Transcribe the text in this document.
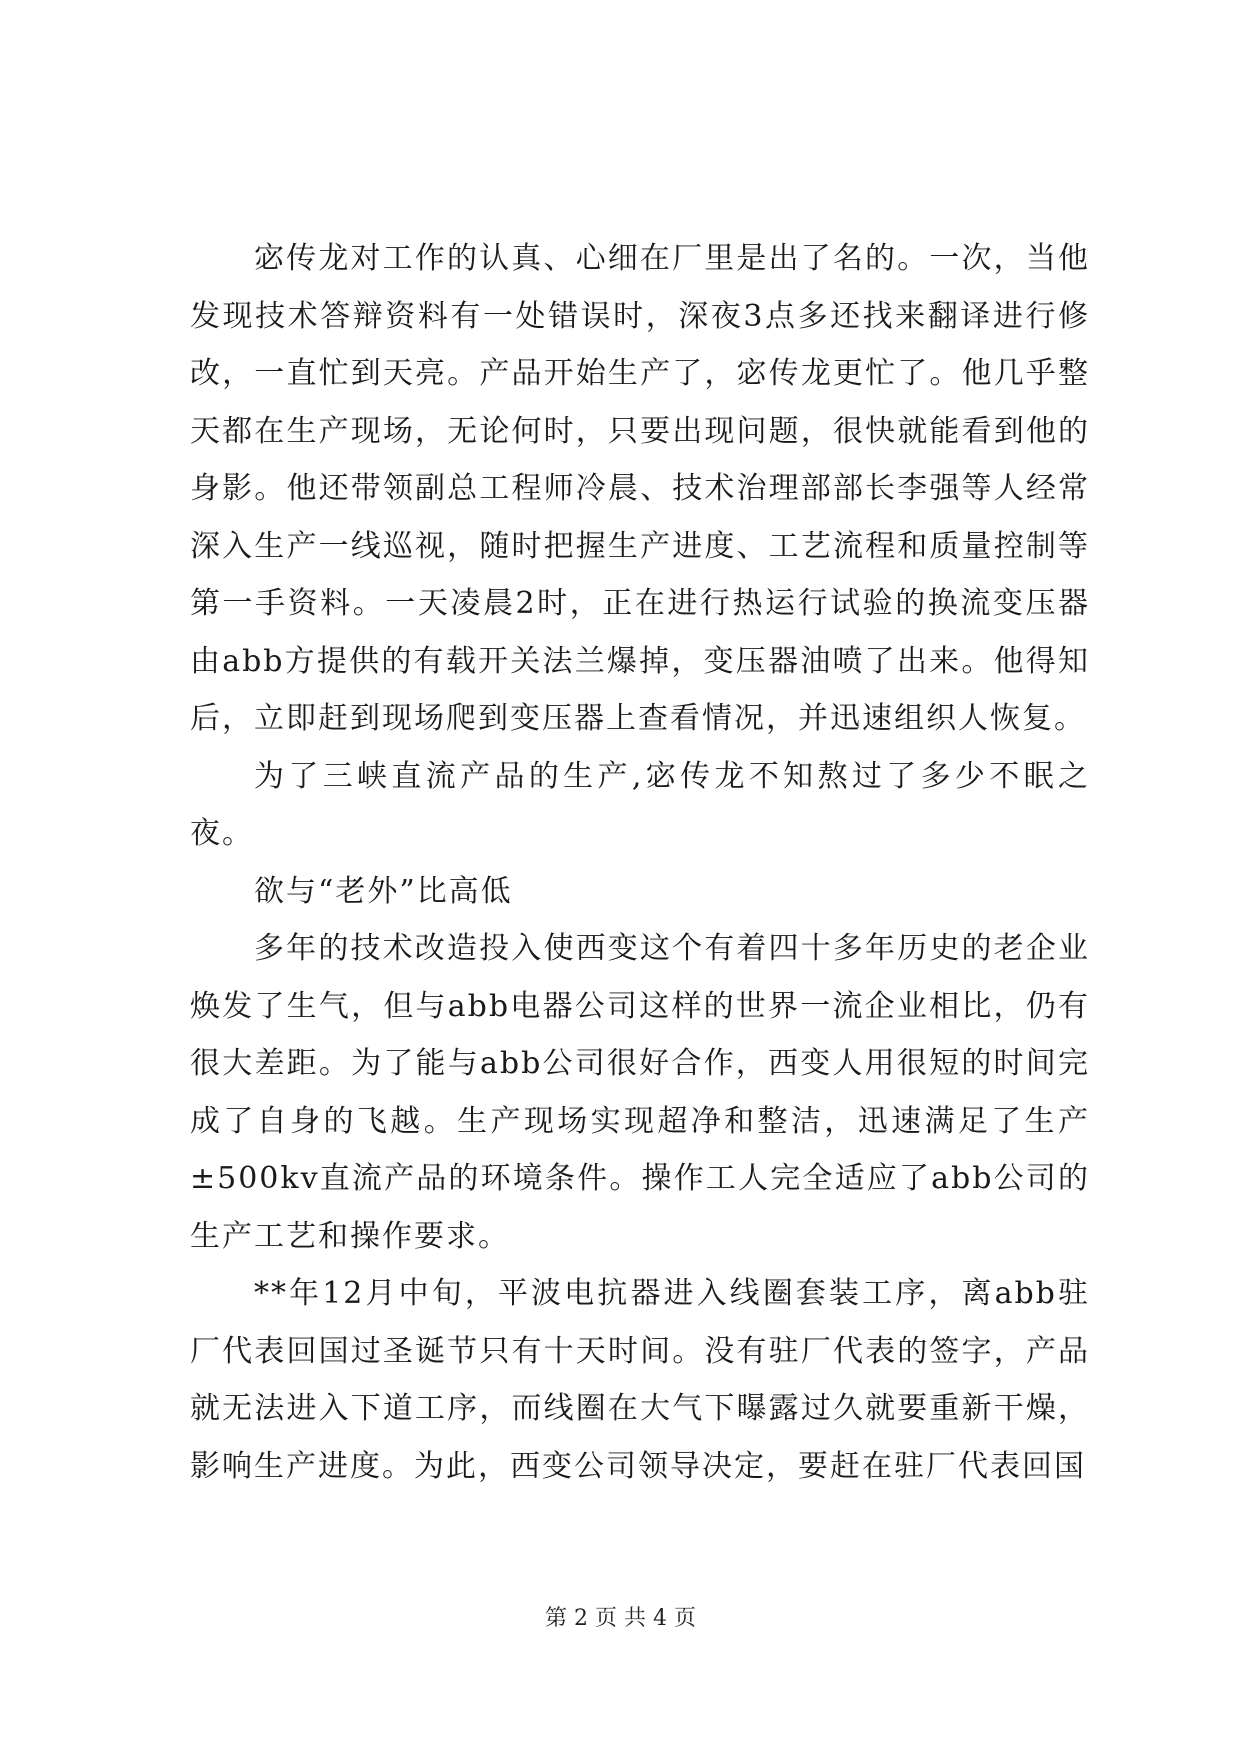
宓传龙对工作的认真、心细在厂里是出了名的。一次，当他发现技术答辩资料有一处错误时，深夜3点多还找来翻译进行修改，一直忙到天亮。产品开始生产了，宓传龙更忙了。他几乎整天都在生产现场，无论何时，只要出现问题，很快就能看到他的身影。他还带领副总工程师冷晨、技术治理部部长李强等人经常深入生产一线巡视，随时把握生产进度、工艺流程和质量控制等第一手资料。一天凌晨2时，正在进行热运行试验的换流变压器由abb方提供的有载开关法兰爆掉，变压器油喷了出来。他得知后，立即赶到现场爬到变压器上查看情况，并迅速组织人恢复。

为了三峡直流产品的生产,宓传龙不知熬过了多少不眠之夜。

欲与“老外”比高低

多年的技术改造投入使西变这个有着四十多年历史的老企业焕发了生气，但与abb电器公司这样的世界一流企业相比，仍有很大差距。为了能与abb公司很好合作，西变人用很短的时间完成了自身的飞越。生产现场实现超净和整洁，迅速满足了生产±500kv直流产品的环境条件。操作工人完全适应了abb公司的生产工艺和操作要求。

**年12月中旬，平波电抗器进入线圈套装工序，离abb驻厂代表回国过圣诞节只有十天时间。没有驻厂代表的签字，产品就无法进入下道工序，而线圈在大气下曝露过久就要重新干燥，影响生产进度。为此，西变公司领导决定，要赶在驻厂代表回国

第 2 页 共 4 页
